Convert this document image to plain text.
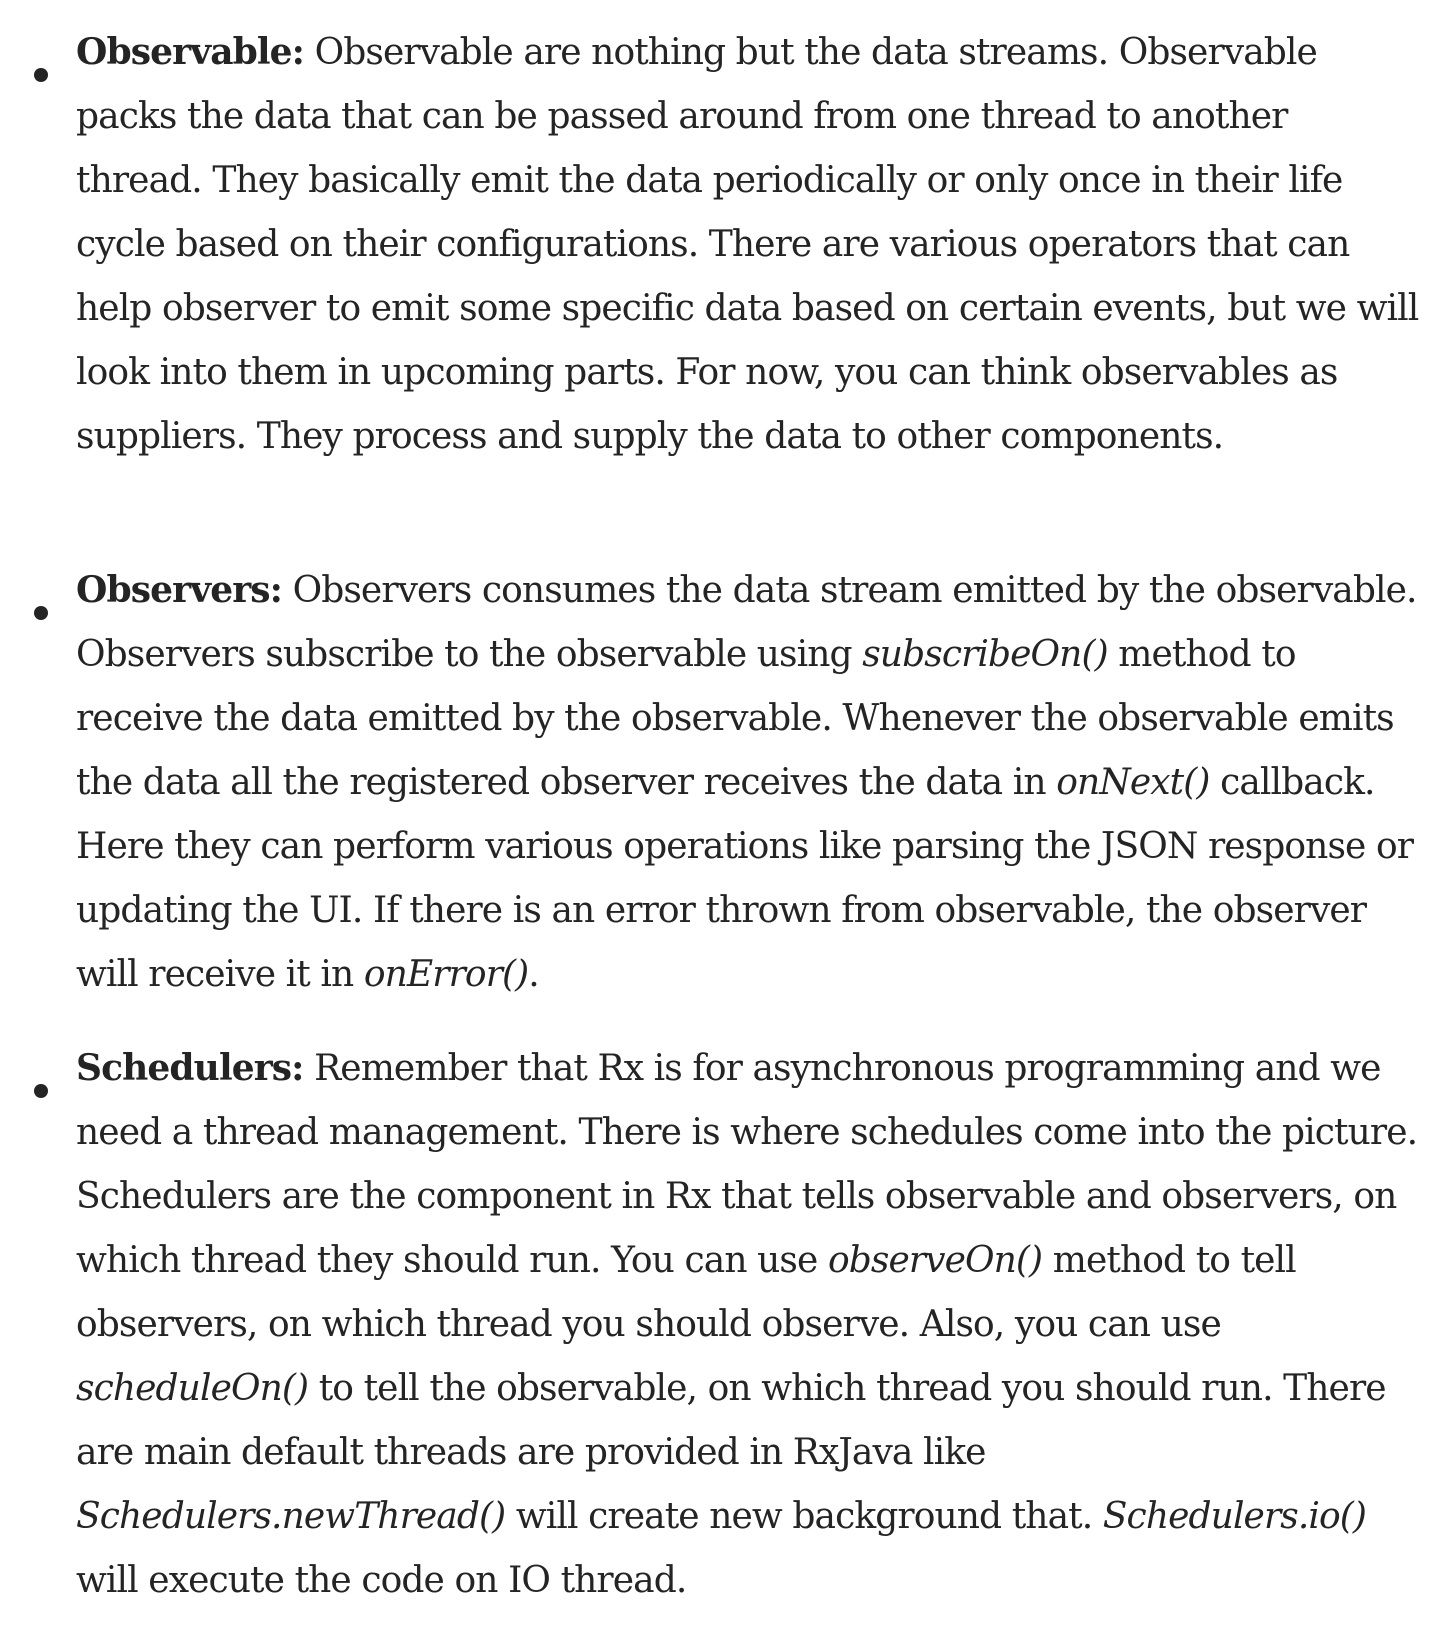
Observable: Observable are nothing but the data streams. Observable packs the data that can be passed around from one thread to another thread. They basically emit the data periodically or only once in their life cycle based on their configurations. There are various operators that can help observer to emit some specific data based on certain events, but we will look into them in upcoming parts. For now, you can think observables as suppliers. They process and supply the data to other components.

Observers: Observers consumes the data stream emitted by the observable. Observers subscribe to the observable using subscribeOn() method to receive the data emitted by the observable. Whenever the observable emits the data all the registered observer receives the data in onNext() callback. Here they can perform various operations like parsing the JSON response or updating the UI. If there is an error thrown from observable, the observer will receive it in onError().

Schedulers: Remember that Rx is for asynchronous programming and we need a thread management. There is where schedules come into the picture. Schedulers are the component in Rx that tells observable and observers, on which thread they should run. You can use observeOn() method to tell observers, on which thread you should observe. Also, you can use scheduleOn() to tell the observable, on which thread you should run. There are main default threads are provided in RxJava like Schedulers.newThread() will create new background that. Schedulers.io() will execute the code on IO thread.
